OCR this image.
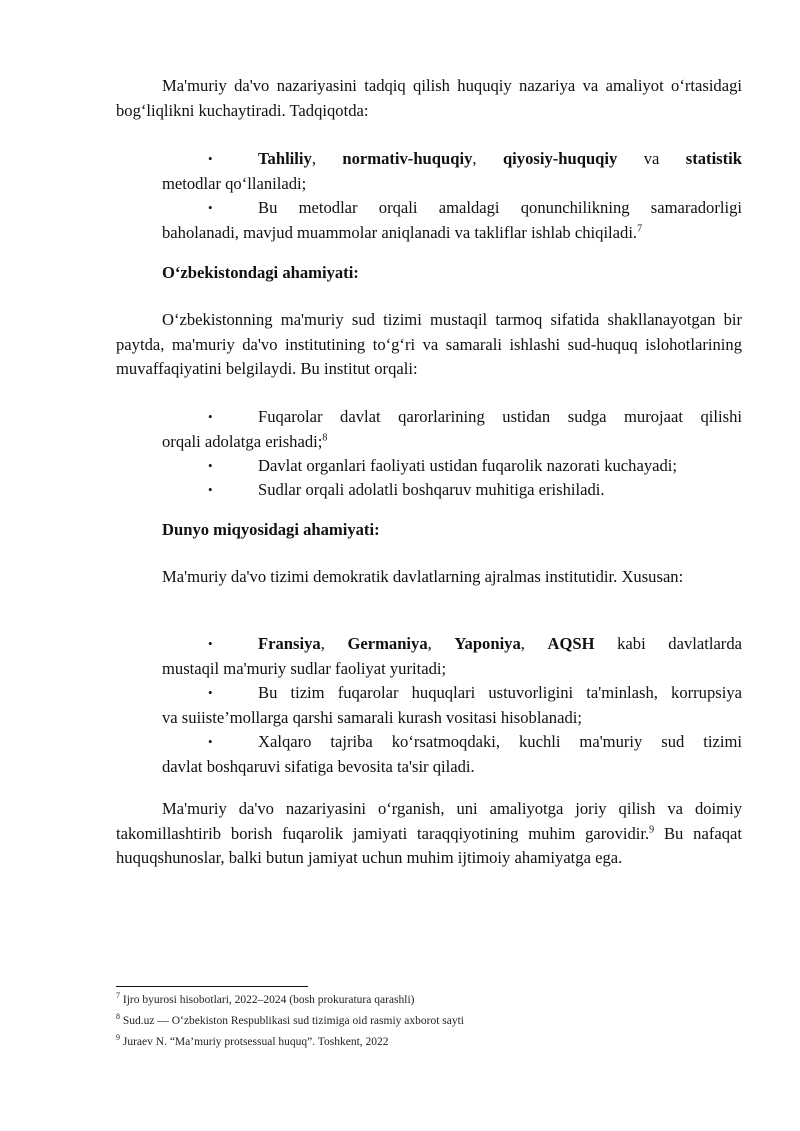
Ma'muriy da'vo nazariyasini tadqiq qilish huquqiy nazariya va amaliyot o‘rtasidagi bog‘liqlikni kuchaytiradi. Tadqiqotda:

•	Tahliliy, normativ-huquqiy, qiyosiy-huquqiy va statistik
metodlar qo‘llaniladi;
•	Bu metodlar orqali amaldagi qonunchilikning samaradorligi
baholanadi, mavjud muammolar aniqlanadi va takliflar ishlab chiqiladi.$^7$

O‘zbekistondagi ahamiyati:

O‘zbekistonning ma'muriy sud tizimi mustaqil tarmoq sifatida shakllanayotgan bir paytda, ma'muriy da'vo institutining to‘g‘ri va samarali ishlashi sud-huquq islohotlarining muvaffaqiyatini belgilaydi. Bu institut orqali:

•	Fuqarolar davlat qarorlarining ustidan sudga murojaat qilishi
orqali adolatga erishadi;$^8$
•	Davlat organlari faoliyati ustidan fuqarolik nazorati kuchayadi;
•	Sudlar orqali adolatli boshqaruv muhitiga erishiladi.

Dunyo miqyosidagi ahamiyati:

Ma'muriy da'vo tizimi demokratik davlatlarning ajralmas institutidir. Xususan:

•	Fransiya, Germaniya, Yaponiya, AQSH kabi davlatlarda
mustaqil ma'muriy sudlar faoliyat yuritadi;
•	Bu tizim fuqarolar huquqlari ustuvorligini ta'minlash, korrupsiya
va suiiste’mollarga qarshi samarali kurash vositasi hisoblanadi;
•	Xalqaro tajriba ko‘rsatmoqdaki, kuchli ma'muriy sud tizimi
davlat boshqaruvi sifatiga bevosita ta'sir qiladi.

Ma'muriy da'vo nazariyasini o‘rganish, uni amaliyotga joriy qilish va doimiy takomillashtirib borish fuqarolik jamiyati taraqqiyotining muhim garovidir.$^9$ Bu nafaqat huquqshunoslar, balki butun jamiyat uchun muhim ijtimoiy ahamiyatga ega.

$^7$ Ijro byurosi hisobotlari, 2022–2024 (bosh prokuratura qarashli)
$^8$ Sud.uz — O‘zbekiston Respublikasi sud tizimiga oid rasmiy axborot sayti
$^9$ Juraev N. “Ma’muriy protsessual huquq”. Toshkent, 2022
